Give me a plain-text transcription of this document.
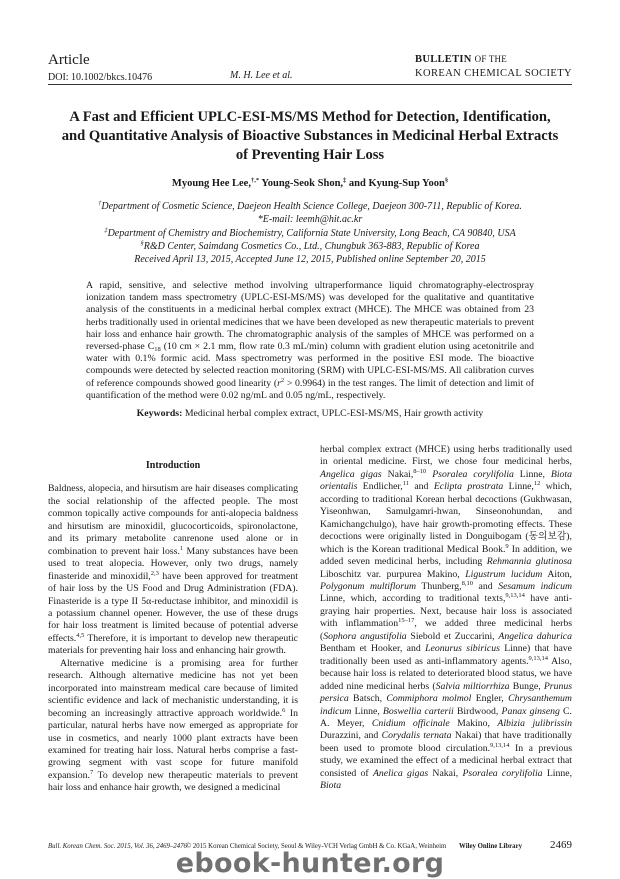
Article
DOI: 10.1002/bkcs.10476	M. H. Lee et al.
BULLETIN OF THE
KOREAN CHEMICAL SOCIETY
A Fast and Efficient UPLC-ESI-MS/MS Method for Detection, Identification, and Quantitative Analysis of Bioactive Substances in Medicinal Herbal Extracts of Preventing Hair Loss
Myoung Hee Lee,†,* Young-Seok Shon,‡ and Kyung-Sup Yoon§
†Department of Cosmetic Science, Daejeon Health Science College, Daejeon 300-711, Republic of Korea.
*E-mail: leemh@hit.ac.kr
‡Department of Chemistry and Biochemistry, California State University, Long Beach, CA 90840, USA
§R&D Center, Saimdang Cosmetics Co., Ltd., Chungbuk 363-883, Republic of Korea
Received April 13, 2015, Accepted June 12, 2015, Published online September 20, 2015
A rapid, sensitive, and selective method involving ultraperformance liquid chromatography-electrospray ionization tandem mass spectrometry (UPLC-ESI-MS/MS) was developed for the qualitative and quantitative analysis of the constituents in a medicinal herbal complex extract (MHCE). The MHCE was obtained from 23 herbs traditionally used in oriental medicines that we have been developed as new therapeutic materials to prevent hair loss and enhance hair growth. The chromatographic analysis of the samples of MHCE was performed on a reversed-phase $C_{18}$ (10 cm × 2.1 mm, flow rate 0.3 mL/min) column with gradient elution using acetonitrile and water with 0.1% formic acid. Mass spectrometry was performed in the positive ESI mode. The bioactive compounds were detected by selected reaction monitoring (SRM) with UPLC-ESI-MS/MS. All calibration curves of reference compounds showed good linearity $(r^2 > 0.9964)$ in the test ranges. The limit of detection and limit of quantification of the method were 0.02 ng/mL and 0.05 ng/mL, respectively.
Keywords: Medicinal herbal complex extract, UPLC-ESI-MS/MS, Hair growth activity
Introduction

Baldness, alopecia, and hirsutism are hair diseases complicating the social relationship of the affected people. The most common topically active compounds for anti-alopecia baldness and hirsutism are minoxidil, glucocorticoids, spironolactone, and its primary metabolite canrenone used alone or in combination to prevent hair loss.$^1$ Many substances have been used to treat alopecia. However, only two drugs, namely finasteride and minoxidil,$^{2,3}$ have been approved for treatment of hair loss by the US Food and Drug Administration (FDA). Finasteride is a type II 5α-reductase inhibitor, and minoxidil is a potassium channel opener. However, the use of these drugs for hair loss treatment is limited because of potential adverse effects.$^{4,5}$ Therefore, it is important to develop new therapeutic materials for preventing hair loss and enhancing hair growth.

Alternative medicine is a promising area for further research. Although alternative medicine has not yet been incorporated into mainstream medical care because of limited scientific evidence and lack of mechanistic understanding, it is becoming an increasingly attractive approach worldwide.$^6$ In particular, natural herbs have now emerged as appropriate for use in cosmetics, and nearly 1000 plant extracts have been examined for treating hair loss. Natural herbs comprise a fast-growing segment with vast scope for future manifold expansion.$^7$ To develop new therapeutic materials to prevent hair loss and enhance hair growth, we designed a medicinal

herbal complex extract (MHCE) using herbs traditionally used in oriental medicine. First, we chose four medicinal herbs, Angelica gigas Nakai,$^{8-10}$ Psoralea corylifolia Linne, Biota orientalis Endlicher,$^{11}$ and Eclipta prostrata Linne,$^{12}$ which, according to traditional Korean herbal decoctions (Gukhwasan, Yiseonhwan, Samulgamri-hwan, Sinseonohundan, and Kamichangchulgo), have hair growth-promoting effects. These decoctions were originally listed in Donguibogam (동의보감), which is the Korean traditional Medical Book.$^9$ In addition, we added seven medicinal herbs, including Rehmannia glutinosa Liboschitz var. purpurea Makino, Ligustrum lucidum Aiton, Polygonum multiflorum Thunberg,$^{8,10}$ and Sesamum indicum Linne, which, according to traditional texts,$^{9,13,14}$ have anti-graying hair properties. Next, because hair loss is associated with inflammation$^{15-17}$, we added three medicinal herbs (Sophora angustifolia Siebold et Zuccarini, Angelica dahurica Bentham et Hooker, and Leonurus sibiricus Linne) that have traditionally been used as anti-inflammatory agents.$^{9,13,14}$ Also, because hair loss is related to deteriorated blood status, we have added nine medicinal herbs (Salvia miltiorrhiza Bunge, Prunus persica Batsch, Commiphora molmol Engler, Chrysanthemum indicum Linne, Boswellia carterii Birdwood, Panax ginseng C. A. Meyer, Cnidium officinale Makino, Albizia julibrissin Durazzini, and Corydalis ternata Nakai) that have traditionally been used to promote blood circulation.$^{9,13,14}$ In a previous study, we examined the effect of a medicinal herbal extract that consisted of Anelica gigas Nakai, Psoralea corylifolia Linne, Biota

Bull. Korean Chem. Soc. 2015, Vol. 36, 2469–2476 © 2015 Korean Chemical Society, Seoul & Wiley-VCH Verlag GmbH & Co. KGaA, Weinheim Wiley Online Library	2469
ebook-hunter.org
